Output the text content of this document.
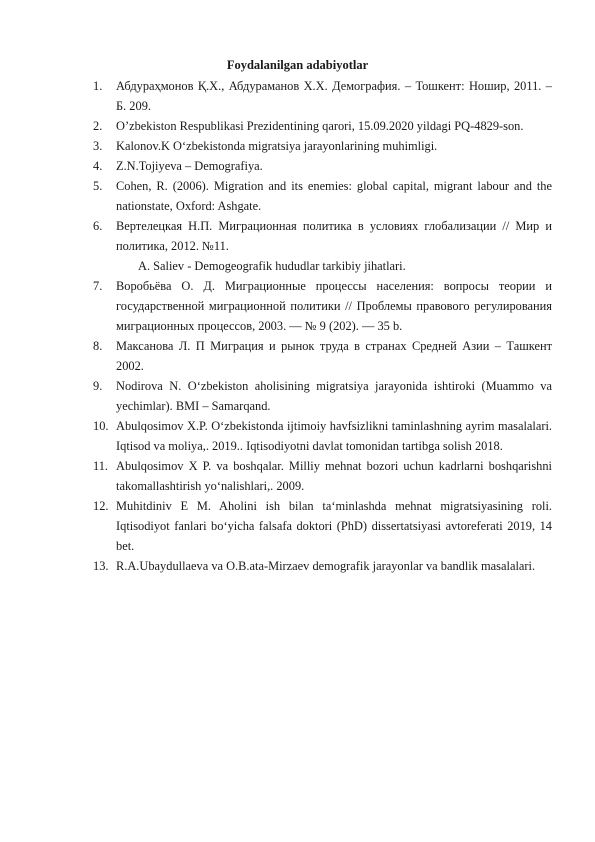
Foydalanilgan adabiyotlar
1. Абдураҳмонов Қ.Х., Абдураманов Х.Х. Демография. – Тошкент: Ношир, 2011. – Б. 209.
2. O’zbekiston Respublikasi Prezidentining qarori, 15.09.2020 yildagi PQ-4829-son.
3. Kalonov.K O‘zbekistonda migratsiya jarayonlarining muhimligi.
4. Z.N.Tojiyeva – Demografiya.
5. Cohen, R. (2006). Migration and its enemies: global capital, migrant labour and the nationstate, Oxford: Ashgate.
6. Вертелецкая Н.П. Миграционная политика в условиях глобализации // Мир и политика, 2012. №11.
A. Saliev - Demogeografik hududlar tarkibiy jihatlari.
7. Воробьёва О. Д. Миграционные процессы населения: вопросы теории и государственной миграционной политики // Проблемы правового регулирования миграционных процессов, 2003. — № 9 (202). — 35 b.
8. Максанова Л. П Миграция и рынок труда в странах Средней Азии – Ташкент 2002.
9. Nodirova N. O‘zbekiston aholisining migratsiya jarayonida ishtiroki (Muammo va yechimlar). BMI – Samarqand.
10. Abulqosimov X.P. O‘zbekistonda ijtimoiy havfsizlikni taminlashning ayrim masalalari. Iqtisod va moliya,. 2019.. Iqtisodiyotni davlat tomonidan tartibga solish 2018.
11. Abulqosimov X P. va boshqalar. Milliy mehnat bozori uchun kadrlarni boshqarishni takomallashtirish yo‘nalishlari,. 2009.
12. Muhitdiniv E M. Aholini ish bilan ta‘minlashda mehnat migratsiyasining roli. Iqtisodiyot fanlari bo‘yicha falsafa doktori (PhD) dissertatsiyasi avtoreferati 2019, 14 bet.
13. R.A.Ubaydullaeva va O.B.ata-Mirzaev demografik jarayonlar va bandlik masalalari.
